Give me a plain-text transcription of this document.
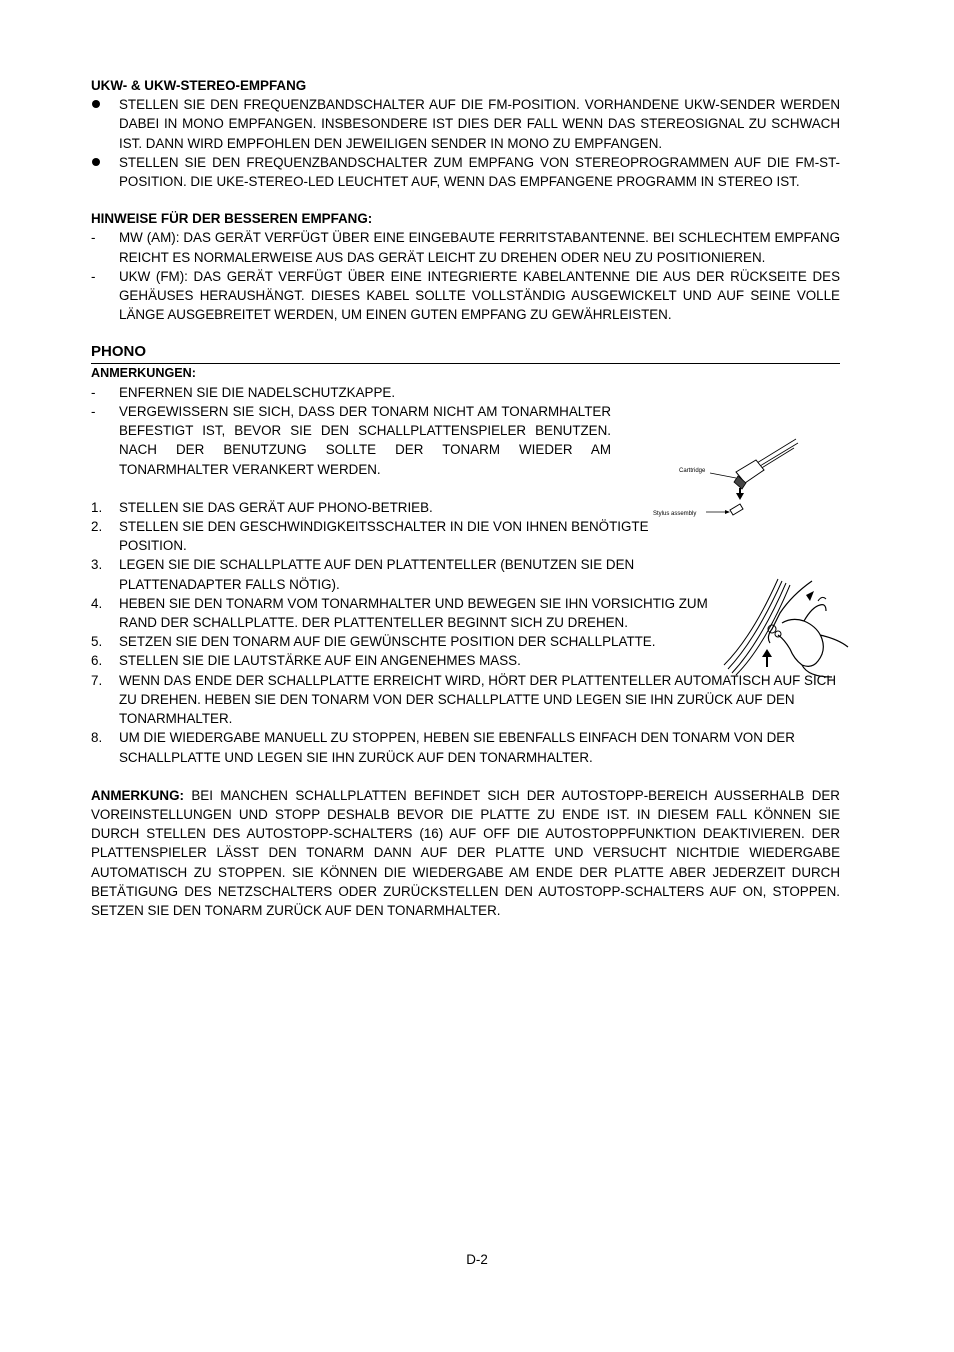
UKW- & UKW-STEREO-EMPFANG

STELLEN SIE DEN FREQUENZBANDSCHALTER AUF DIE FM-POSITION. VORHANDENE UKW-SENDER WERDEN DABEI IN MONO EMPFANGEN. INSBESONDERE IST DIES DER FALL WENN DAS STEREOSIGNAL ZU SCHWACH IST. DANN WIRD EMPFOHLEN DEN JEWEILIGEN SENDER IN MONO ZU EMPFANGEN.
STELLEN SIE DEN FREQUENZBANDSCHALTER ZUM EMPFANG VON STEREOPROGRAMMEN AUF DIE FM-ST-POSITION. DIE UKE-STEREO-LED LEUCHTET AUF, WENN DAS EMPFANGENE PROGRAMM IN STEREO IST.

HINWEISE FÜR DER BESSEREN EMPFANG:

-	MW (AM): DAS GERÄT VERFÜGT ÜBER EINE EINGEBAUTE FERRITSTABANTENNE. BEI SCHLECHTEM EMPFANG REICHT ES NORMALERWEISE AUS DAS GERÄT LEICHT ZU DREHEN ODER NEU ZU POSITIONIEREN.
-	UKW (FM): DAS GERÄT VERFÜGT ÜBER EINE INTEGRIERTE KABELANTENNE DIE AUS DER RÜCKSEITE DES GEHÄUSES HERAUSHÄNGT. DIESES KABEL SOLLTE VOLLSTÄNDIG AUSGEWICKELT UND AUF SEINE VOLLE LÄNGE AUSGEBREITET WERDEN, UM EINEN GUTEN EMPFANG ZU GEWÄHRLEISTEN.
PHONO
ANMERKUNGEN:
-	ENFERNEN SIE DIE NADELSCHUTZKAPPE.
-	VERGEWISSERN SIE SICH, DASS DER TONARM NICHT AM TONARMHALTER BEFESTIGT IST, BEVOR SIE DEN SCHALLPLATTENSPIELER BENUTZEN. NACH DER BENUTZUNG SOLLTE DER TONARM WIEDER AM TONARMHALTER VERANKERT WERDEN.
1. STELLEN SIE DAS GERÄT AUF PHONO-BETRIEB.
2. STELLEN SIE DEN GESCHWINDIGKEITSSCHALTER IN DIE VON IHNEN BENÖTIGTE POSITION.
3. LEGEN SIE DIE SCHALLPLATTE AUF DEN PLATTENTELLER (BENUTZEN SIE DEN PLATTENADAPTER FALLS NÖTIG).
4. HEBEN SIE DEN TONARM VOM TONARMHALTER UND BEWEGEN SIE IHN VORSICHTIG ZUM RAND DER SCHALLPLATTE. DER PLATTENTELLER BEGINNT SICH ZU DREHEN.
5. SETZEN SIE DEN TONARM AUF DIE GEWÜNSCHTE POSITION DER SCHALLPLATTE.
6. STELLEN SIE DIE LAUTSTÄRKE AUF EIN ANGENEHMES MASS.
7. WENN DAS ENDE DER SCHALLPLATTE ERREICHT WIRD, HÖRT DER PLATTENTELLER AUTOMATISCH AUF SICH ZU DREHEN. HEBEN SIE DEN TONARM VON DER SCHALLPLATTE UND LEGEN SIE IHN ZURÜCK AUF DEN TONARMHALTER.
8. UM DIE WIEDERGABE MANUELL ZU STOPPEN, HEBEN SIE EBENFALLS EINFACH DEN TONARM VON DER SCHALLPLATTE UND LEGEN SIE IHN ZURÜCK AUF DEN TONARMHALTER.

ANMERKUNG: BEI MANCHEN SCHALLPLATTEN BEFINDET SICH DER AUTOSTOPP-BEREICH AUSSERHALB DER VOREINSTELLUNGEN UND STOPP DESHALB BEVOR DIE PLATTE ZU ENDE IST. IN DIESEM FALL KÖNNEN SIE DURCH STELLEN DES AUTOSTOPP-SCHALTERS (16) AUF OFF DIE AUTOSTOPPFUNKTION DEAKTIVIEREN. DER PLATTENSPIELER LÄSST DEN TONARM DANN AUF DER PLATTE UND VERSUCHT NICHTDIE WIEDERGABE AUTOMATISCH ZU STOPPEN. SIE KÖNNEN DIE WIEDERGABE AM ENDE DER PLATTE ABER JEDERZEIT DURCH BETÄTIGUNG DES NETZSCHALTERS ODER ZURÜCKSTELLEN DEN AUTOSTOPP-SCHALTERS AUF ON, STOPPEN. SETZEN SIE DEN TONARM ZURÜCK AUF DEN TONARMHALTER.

Carttridge
Stylus assembly
D-2
